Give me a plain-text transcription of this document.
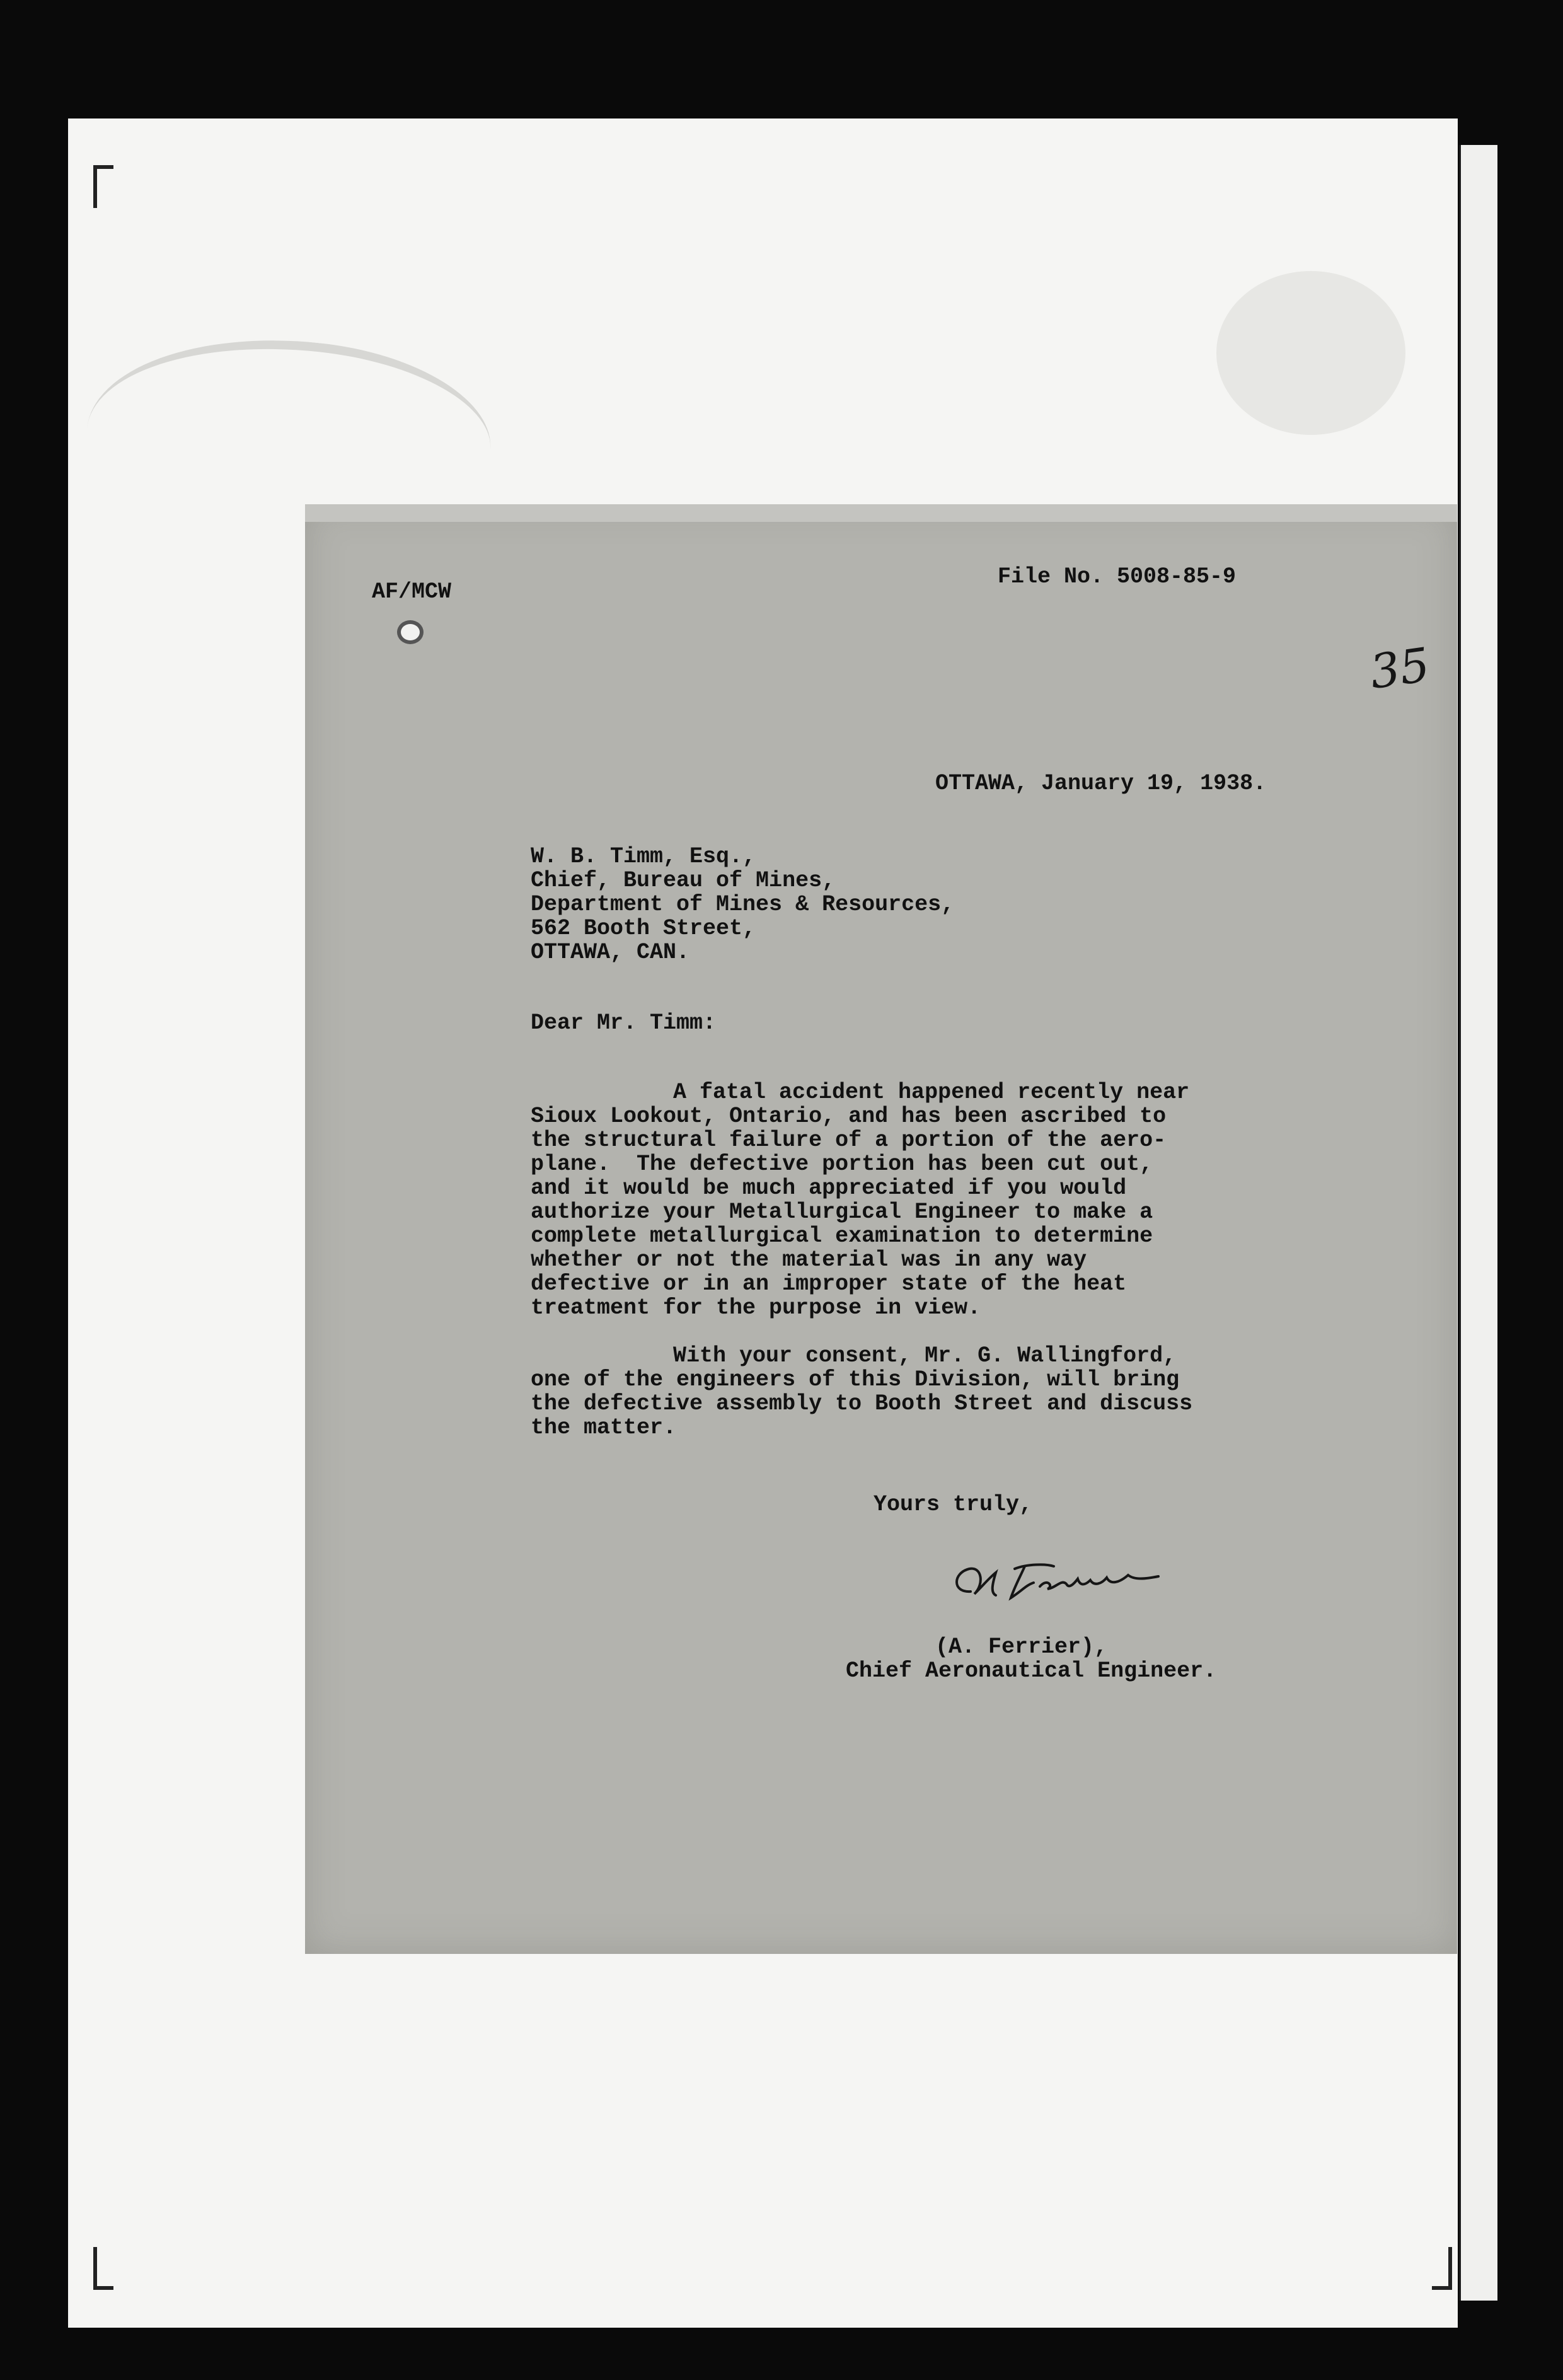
AF/MCW
File No. 5008-85-9
35
OTTAWA, January 19, 1938.
W. B. Timm, Esq.,
Chief, Bureau of Mines,
Department of Mines & Resources,
562 Booth Street,
OTTAWA, CAN.
Dear Mr. Timm:
A fatal accident happened recently near
Sioux Lookout, Ontario, and has been ascribed to
the structural failure of a portion of the aero-
plane.  The defective portion has been cut out,
and it would be much appreciated if you would
authorize your Metallurgical Engineer to make a
complete metallurgical examination to determine
whether or not the material was in any way
defective or in an improper state of the heat
treatment for the purpose in view.
With your consent, Mr. G. Wallingford,
one of the engineers of this Division, will bring
the defective assembly to Booth Street and discuss
the matter.
Yours truly,
(A. Ferrier),
Chief Aeronautical Engineer.
